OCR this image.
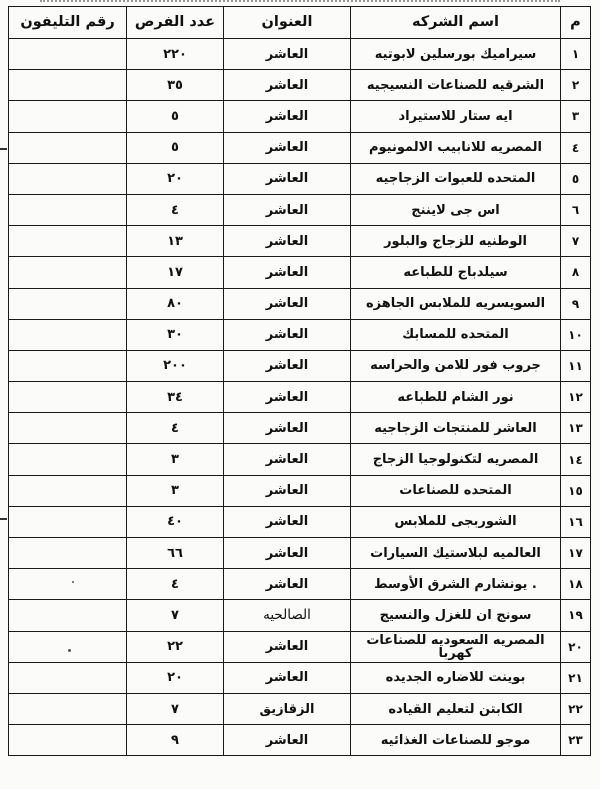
م	اسم الشركه	العنوان	عدد الفرص	رقم التليفون
١	سيراميك بورسلين لابوتيه	العاشر	٢٢٠	
٢	الشرقيه للصناعات النسيجيه	العاشر	٣٥	
٣	ايه ستار للاستيراد	العاشر	٥	
٤	المصريه للانابيب الالمونيوم	العاشر	٥	
٥	المتحده للعبوات الزجاجيه	العاشر	٢٠	
٦	اس جى لايننج	العاشر	٤	
٧	الوطنيه للزجاج والبلور	العاشر	١٣	
٨	سيلدباج للطباعه	العاشر	١٧	
٩	السويسريه للملابس الجاهزه	العاشر	٨٠	
١٠	المتحده للمسابك	العاشر	٣٠	
١١	جروب فور للامن والحراسه	العاشر	٢٠٠	
١٢	نور الشام للطباعه	العاشر	٣٤	
١٣	العاشر للمنتجات الزجاجيه	العاشر	٤	
١٤	المصريه لتكنولوجيا الزجاج	العاشر	٣	
١٥	المتحده للصناعات	العاشر	٣	
١٦	الشوربجى للملابس	العاشر	٤٠	
١٧	العالميه لبلاستيك السيارات	العاشر	٦٦	
١٨	. يونشارم الشرق الأوسط	العاشر	٤	
١٩	سونج ان للغزل والنسيج	الصالحيه	٧	
٢٠	المصريه السعوديه للصناعات كهربا	العاشر	٢٢	
٢١	بوينت للاضاره الجديده	العاشر	٢٠	
٢٢	الكابتن لتعليم القياده	الزقازيق	٧	
٢٣	موجو للصناعات الغذائيه	العاشر	٩	
